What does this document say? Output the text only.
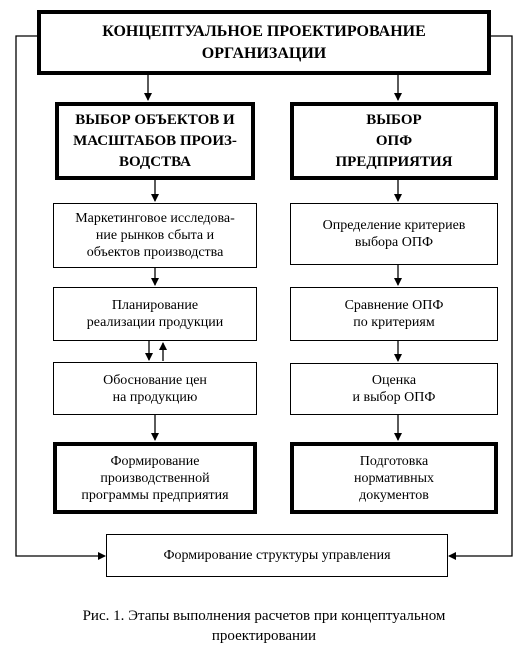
КОНЦЕПТУАЛЬНОЕ ПРОЕКТИРОВАНИЕ
ОРГАНИЗАЦИИ
ВЫБОР ОБЪЕКТОВ И
МАСШТАБОВ ПРОИЗ-
ВОДСТВА
ВЫБОР
ОПФ
ПРЕДПРИЯТИЯ
Маркетинговое исследова-
ние рынков сбыта и
объектов производства
Планирование
реализации продукции
Обоснование цен
на продукцию
Формирование
производственной
программы предприятия
Определение критериев
выбора ОПФ
Сравнение ОПФ
по критериям
Оценка
и выбор ОПФ
Подготовка
нормативных
документов
Формирование структуры управления
Рис. 1. Этапы выполнения расчетов при концептуальном
проектировании
